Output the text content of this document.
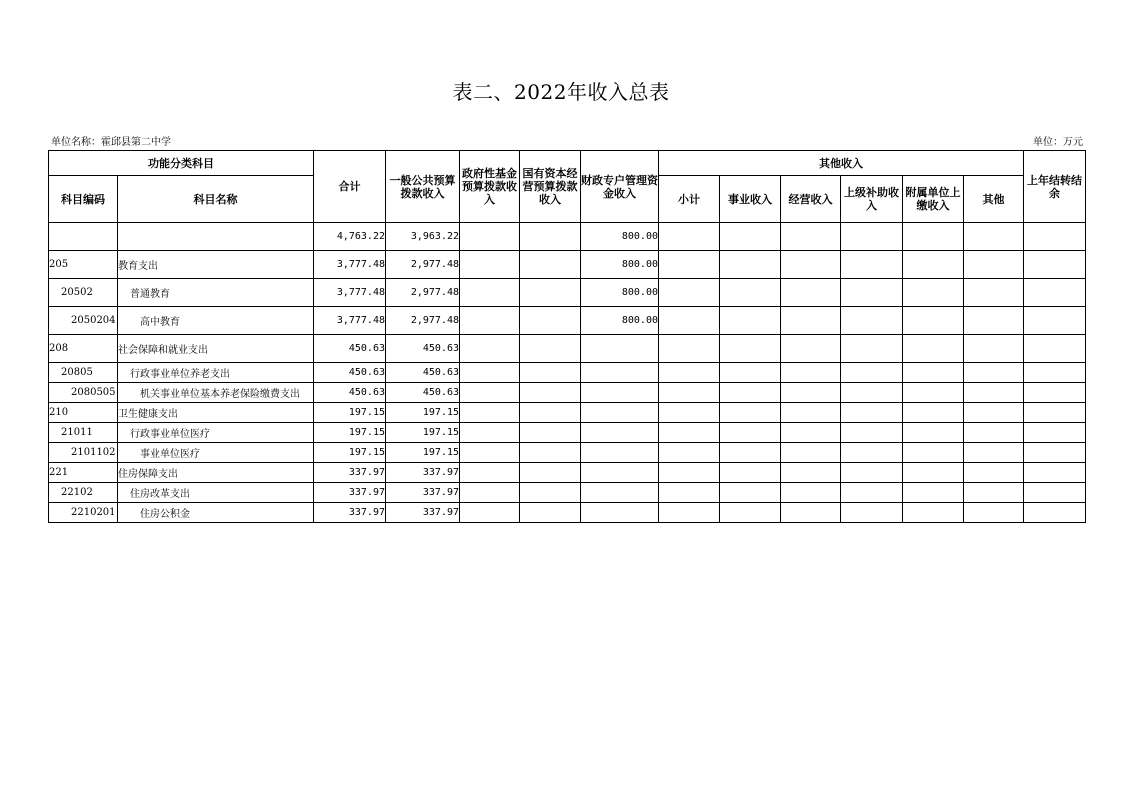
表二、2022年收入总表
单位名称：霍邱县第二中学	单位：万元
功能分类科目		合计	一般公共预算拨款收入	政府性基金预算拨款收入	国有资本经营预算拨款收入	财政专户管理资金收入	其他收入						上年结转结余
科目编码	科目名称						小计	事业收入	经营收入	上级补助收入	附属单位上缴收入	其他	
		4,763.22	3,963.22			800.00							
205	教育支出	3,777.48	2,977.48			800.00							
20502	普通教育	3,777.48	2,977.48			800.00							
2050204	高中教育	3,777.48	2,977.48			800.00							
208	社会保障和就业支出	450.63	450.63										
20805	行政事业单位养老支出	450.63	450.63										
2080505	机关事业单位基本养老保险缴费支出	450.63	450.63										
210	卫生健康支出	197.15	197.15										
21011	行政事业单位医疗	197.15	197.15										
2101102	事业单位医疗	197.15	197.15										
221	住房保障支出	337.97	337.97										
22102	住房改革支出	337.97	337.97										
2210201	住房公积金	337.97	337.97										
